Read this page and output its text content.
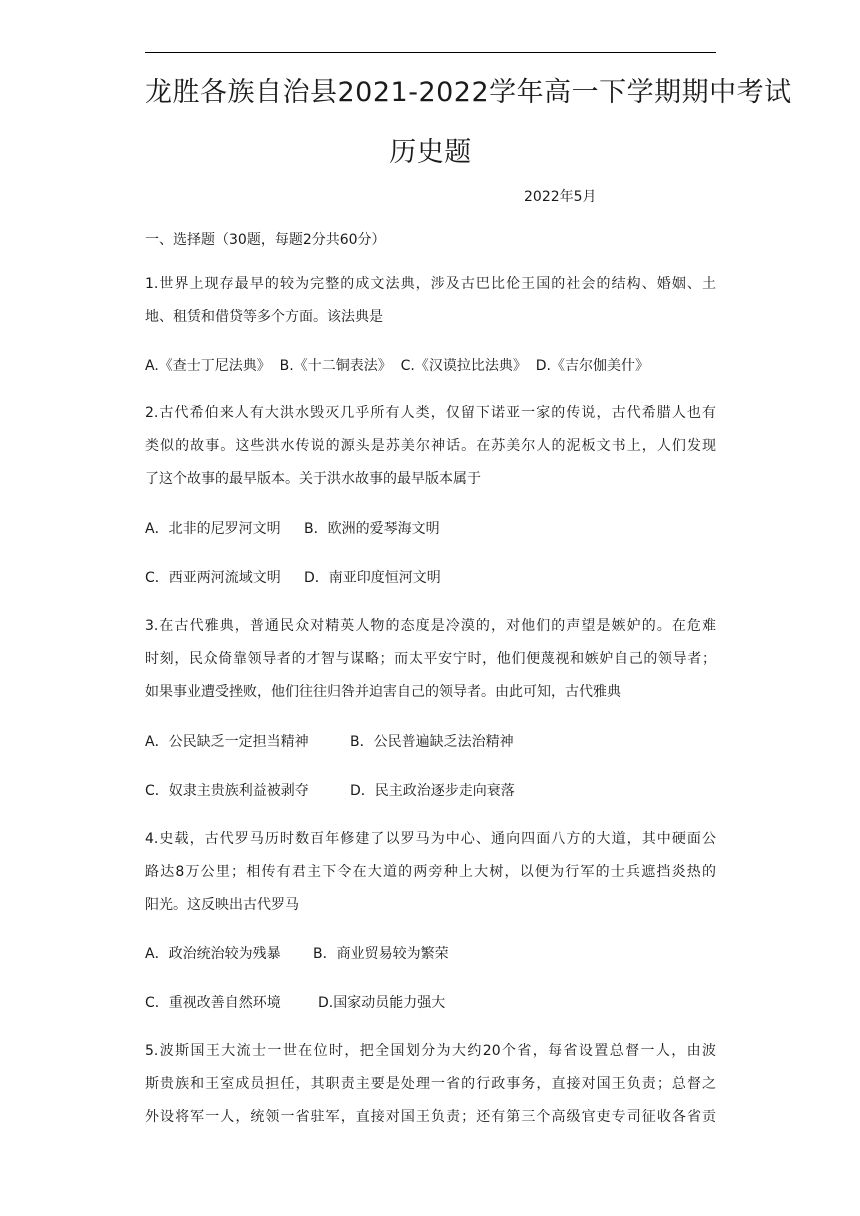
龙胜各族自治县2021-2022学年高一下学期期中考试
历史题
2022年5月
一、选择题（30题，每题2分共60分）
1.世界上现存最早的较为完整的成文法典，涉及古巴比伦王国的社会的结构、婚姻、土
地、租赁和借贷等多个方面。该法典是
A.《查士丁尼法典》  B.《十二铜表法》  C.《汉谟拉比法典》  D.《吉尔伽美什》
2.古代希伯来人有大洪水毁灭几乎所有人类，仅留下诺亚一家的传说，古代希腊人也有
类似的故事。这些洪水传说的源头是苏美尔神话。在苏美尔人的泥板文书上，人们发现
了这个故事的最早版本。关于洪水故事的最早版本属于
A．北非的尼罗河文明 B．欧洲的爱琴海文明
C．西亚两河流域文明 D．南亚印度恒河文明
3.在古代雅典，普通民众对精英人物的态度是冷漠的，对他们的声望是嫉妒的。在危难
时刻，民众倚靠领导者的才智与谋略；而太平安宁时，他们便蔑视和嫉妒自己的领导者；
如果事业遭受挫败，他们往往归咎并迫害自己的领导者。由此可知，古代雅典
A．公民缺乏一定担当精神	B．公民普遍缺乏法治精神
C．奴隶主贵族利益被剥夺	D．民主政治逐步走向衰落
4.史载，古代罗马历时数百年修建了以罗马为中心、通向四面八方的大道，其中硬面公
路达8万公里；相传有君主下令在大道的两旁种上大树，以便为行军的士兵遮挡炎热的
阳光。这反映出古代罗马
A．政治统治较为残暴 B．商业贸易较为繁荣
C．重视改善自然环境	D.国家动员能力强大
5.波斯国王大流士一世在位时，把全国划分为大约20个省，每省设置总督一人，由波
斯贵族和王室成员担任，其职责主要是处理一省的行政事务，直接对国王负责；总督之
外设将军一人，统领一省驻军，直接对国王负责；还有第三个高级官吏专司征收各省贡
